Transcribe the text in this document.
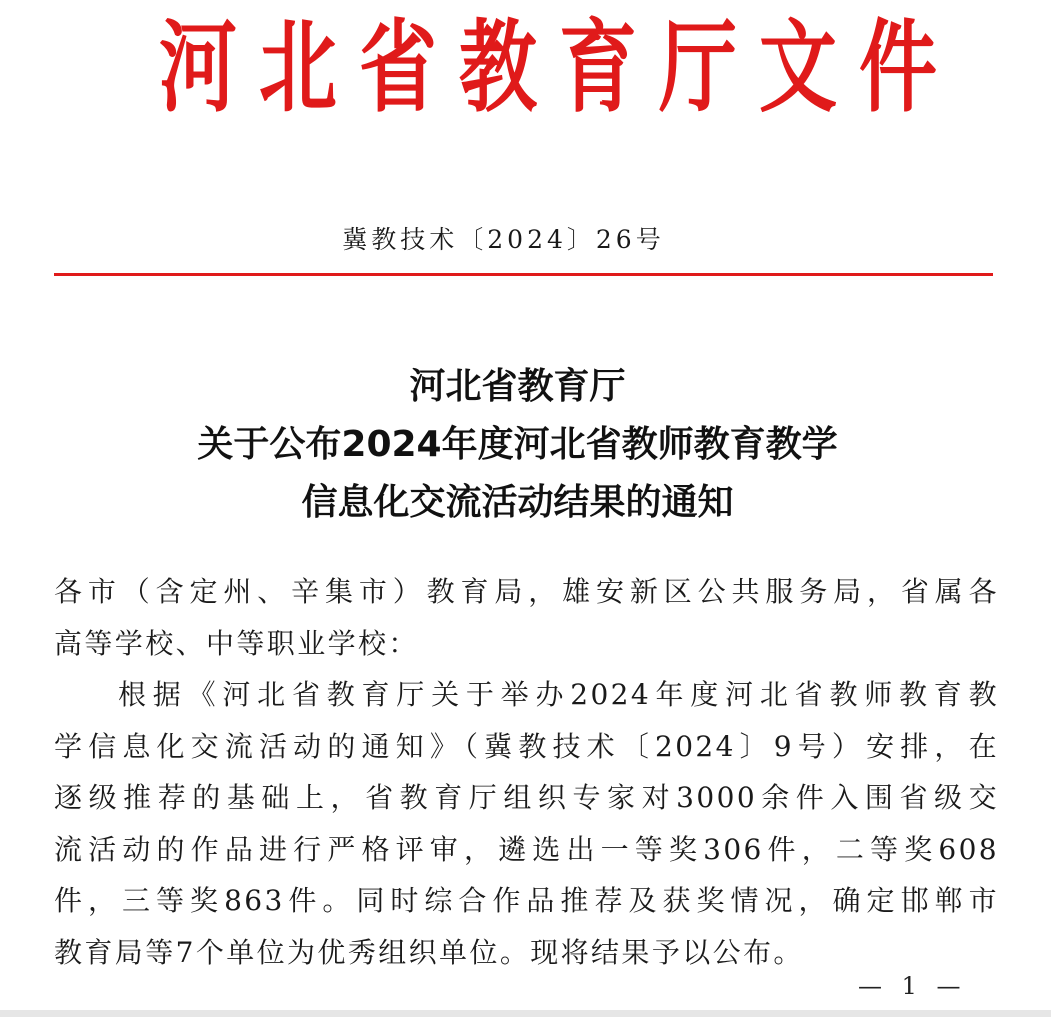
河 北 省 教 育 厅 文 件
冀教技术〔2024〕26号
河北省教育厅
关于公布2024年度河北省教师教育教学
信息化交流活动结果的通知
各市（含定州、辛集市）教育局，雄安新区公共服务局，省属各
高等学校、中等职业学校：
根据《河北省教育厅关于举办2024年度河北省教师教育教
学信息化交流活动的通知》（冀教技术〔2024〕9号）安排，在
逐级推荐的基础上，省教育厅组织专家对3000余件入围省级交
流活动的作品进行严格评审，遴选出一等奖306件，二等奖608
件，三等奖863件。同时综合作品推荐及获奖情况，确定邯郸市
教育局等7个单位为优秀组织单位。现将结果予以公布。
— 1 —
